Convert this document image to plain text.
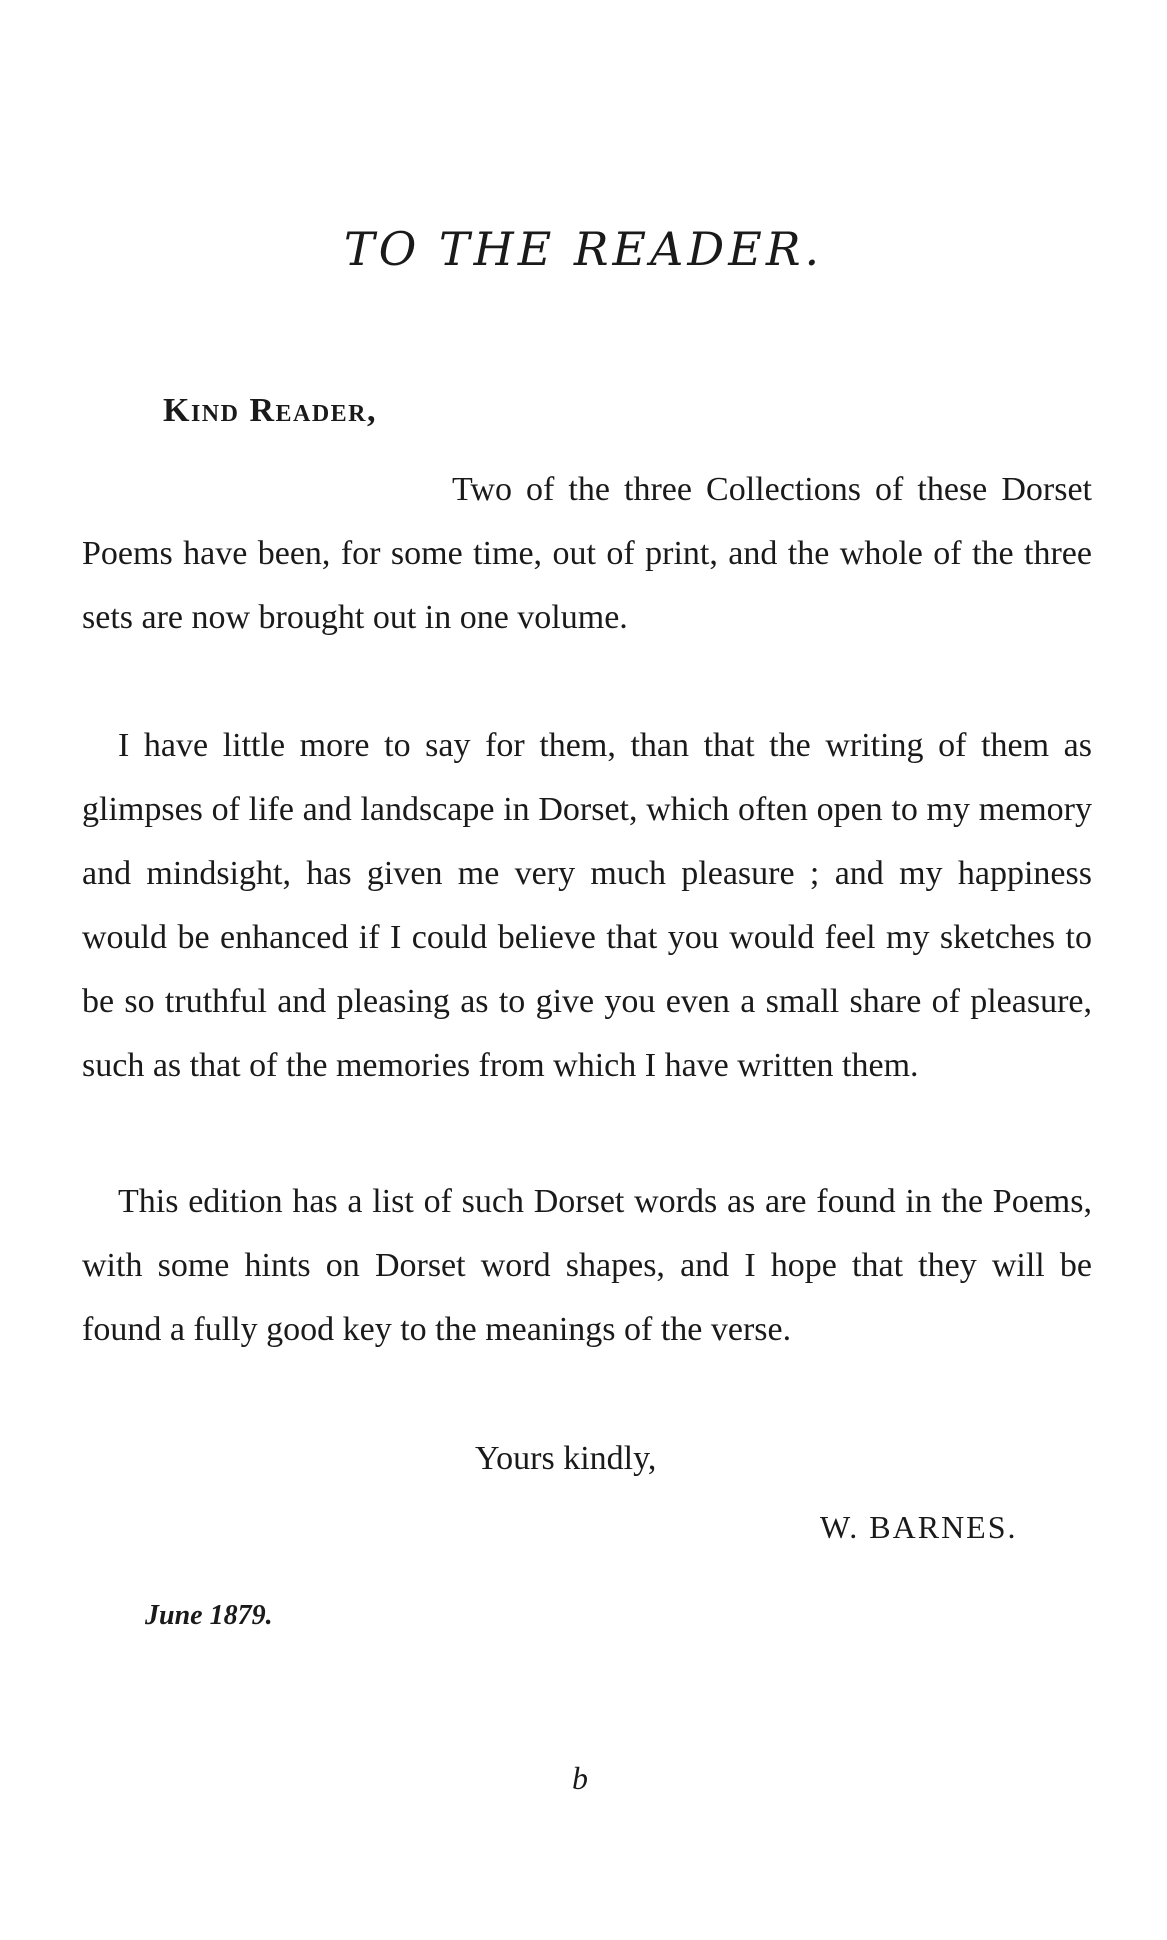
TO THE READER.
Kind Reader,

Two of the three Collections of these Dorset Poems have been, for some time, out of print, and the whole of the three sets are now brought out in one volume.

I have little more to say for them, than that the writing of them as glimpses of life and landscape in Dorset, which often open to my memory and mindsight, has given me very much pleasure ; and my happiness would be enhanced if I could believe that you would feel my sketches to be so truthful and pleasing as to give you even a small share of pleasure, such as that of the memories from which I have written them.

This edition has a list of such Dorset words as are found in the Poems, with some hints on Dorset word shapes, and I hope that they will be found a fully good key to the meanings of the verse.

Yours kindly,
W. BARNES.
June 1879.
b
